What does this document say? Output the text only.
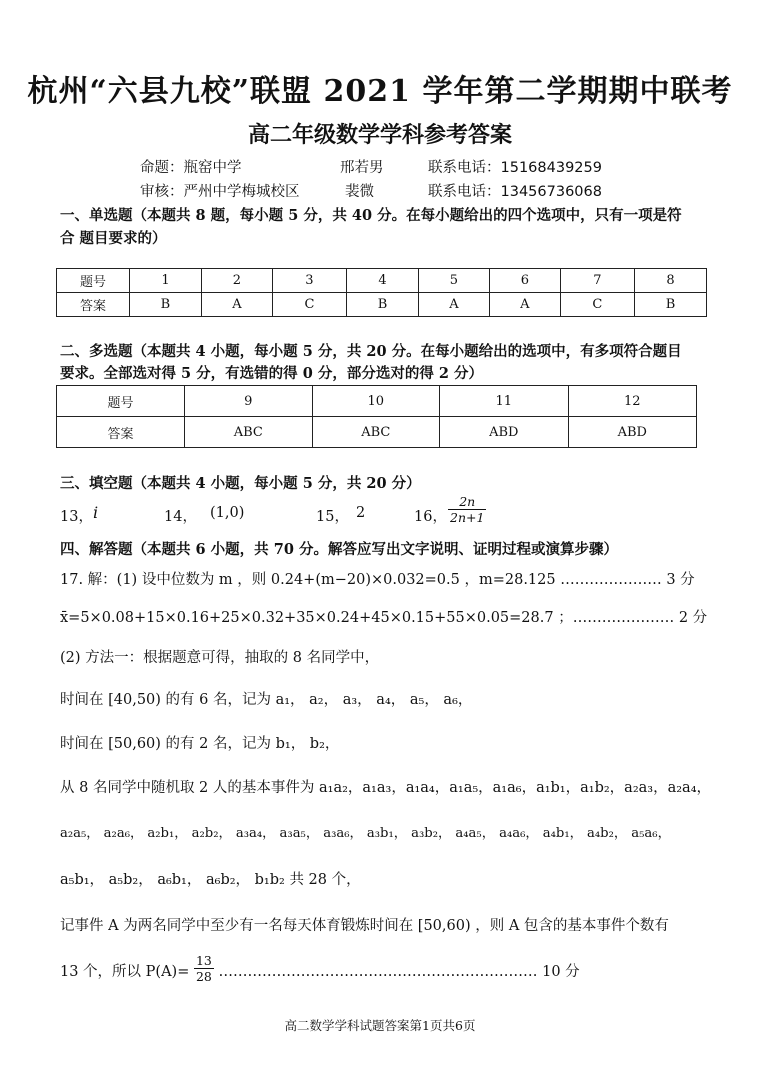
杭州“六县九校”联盟 2021 学年第二学期期中联考
高二年级数学学科参考答案
命题：瓶窑中学	邢若男	联系电话：15168439259
审核：严州中学梅城校区	裴微	联系电话：13456736068
一、单选题（本题共 8 题，每小题 5 分，共 40 分。在每小题给出的四个选项中，只有一项是符
合 题目要求的）
题号	1	2	3	4	5	6	7	8
答案	B	A	C	B	A	A	C	B
二、多选题（本题共 4 小题，每小题 5 分，共 20 分。在每小题给出的选项中，有多项符合题目
要求。全部选对得 5 分，有选错的得 0 分，部分选对的得 2 分）
题号	9	10	11	12
答案	ABC	ABC	ABD	ABD
三、填空题（本题共 4 小题，每小题 5 分，共 20 分）
13， i	14， (1,0)	15， 2	16， $\frac{2n}{2n+1}$
四、解答题（本题共 6 小题，共 70 分。解答应写出文字说明、证明过程或演算步骤）
17. 解：(1) 设中位数为 m ，则 0.24+(m−20)×0.032=0.5 ，m=28.125 ………………… 3 分
x̄=5×0.08+15×0.16+25×0.32+35×0.24+45×0.15+55×0.05=28.7 ；………………… 2 分
(2) 方法一：根据题意可得，抽取的 8 名同学中，
时间在 [40,50) 的有 6 名，记为 a₁， a₂， a₃， a₄， a₅， a₆，
时间在 [50,60) 的有 2 名，记为 b₁， b₂，
从 8 名同学中随机取 2 人的基本事件为 a₁a₂，a₁a₃，a₁a₄，a₁a₅，a₁a₆，a₁b₁，a₁b₂，a₂a₃，a₂a₄，
a₂a₅， a₂a₆， a₂b₁， a₂b₂， a₃a₄， a₃a₅， a₃a₆， a₃b₁， a₃b₂， a₄a₅， a₄a₆， a₄b₁， a₄b₂， a₅a₆，
a₅b₁， a₅b₂， a₆b₁， a₆b₂， b₁b₂ 共 28 个，
记事件 A 为两名同学中至少有一名每天体育锻炼时间在 [50,60) ，则 A 包含的基本事件个数有
13 个，所以 $P(A)= \frac{13}{28}$ ………………………………………………………… 10 分
高二数学学科试题答案第1页共6页
